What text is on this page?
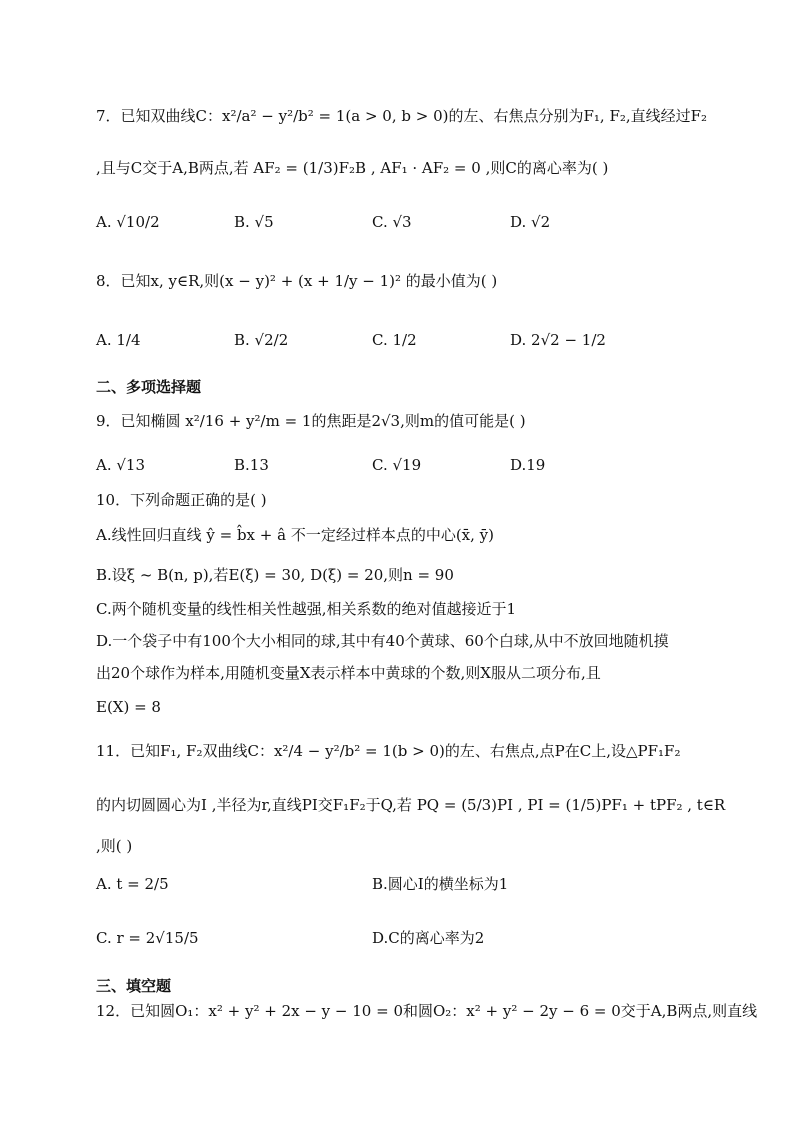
7．已知双曲线C：x²/a² − y²/b² = 1(a > 0, b > 0)的左、右焦点分别为F₁, F₂,直线经过F₂
,且与C交于A,B两点,若 AF₂ = (1/3)F₂B , AF₁ · AF₂ = 0 ,则C的离心率为( )
A. √10/2	B. √5	C. √3	D. √2
8．已知x, y∈R,则(x − y)² + (x + 1/y − 1)² 的最小值为( )
A. 1/4	B. √2/2	C. 1/2	D. 2√2 − 1/2
二、多项选择题
9．已知椭圆 x²/16 + y²/m = 1的焦距是2√3,则m的值可能是( )
A. √13	B.13	C. √19	D.19
10．下列命题正确的是( )
A.线性回归直线 ŷ = b̂x + â 不一定经过样本点的中心(x̄, ȳ)
B.设ξ ~ B(n, p),若E(ξ) = 30, D(ξ) = 20,则n = 90
C.两个随机变量的线性相关性越强,相关系数的绝对值越接近于1
D.一个袋子中有100个大小相同的球,其中有40个黄球、60个白球,从中不放回地随机摸
出20个球作为样本,用随机变量X表示样本中黄球的个数,则X服从二项分布,且
E(X) = 8
11．已知F₁, F₂双曲线C：x²/4 − y²/b² = 1(b > 0)的左、右焦点,点P在C上,设△PF₁F₂
的内切圆圆心为I ,半径为r,直线PI交F₁F₂于Q,若 PQ = (5/3)PI , PI = (1/5)PF₁ + tPF₂ , t∈R
,则( )
A. t = 2/5	B.圆心I的横坐标为1
C. r = 2√15/5	D.C的离心率为2
三、填空题
12．已知圆O₁：x² + y² + 2x − y − 10 = 0和圆O₂：x² + y² − 2y − 6 = 0交于A,B两点,则直线
